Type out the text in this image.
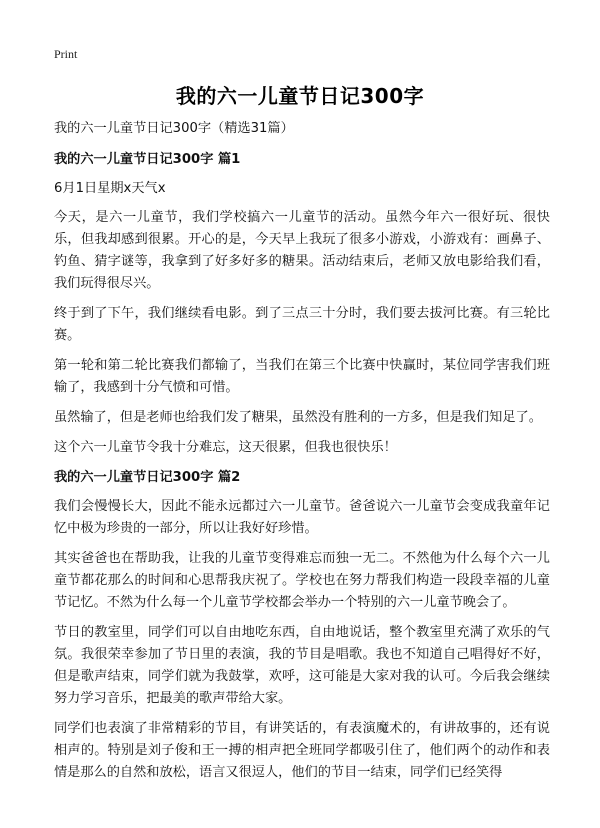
Print
我的六一儿童节日记300字

我的六一儿童节日记300字（精选31篇）

我的六一儿童节日记300字 篇1

6月1日星期x天气x

今天，是六一儿童节，我们学校搞六一儿童节的活动。虽然今年六一很好玩、很快乐，但我却感到很累。开心的是，今天早上我玩了很多小游戏，小游戏有：画鼻子、钓鱼、猜字谜等，我拿到了好多好多的糖果。活动结束后，老师又放电影给我们看，我们玩得很尽兴。

终于到了下午，我们继续看电影。到了三点三十分时，我们要去拔河比赛。有三轮比赛。

第一轮和第二轮比赛我们都输了，当我们在第三个比赛中快赢时，某位同学害我们班输了，我感到十分气愤和可惜。

虽然输了，但是老师也给我们发了糖果，虽然没有胜利的一方多，但是我们知足了。

这个六一儿童节令我十分难忘，这天很累，但我也很快乐！

我的六一儿童节日记300字 篇2

我们会慢慢长大，因此不能永远都过六一儿童节。爸爸说六一儿童节会变成我童年记忆中极为珍贵的一部分，所以让我好好珍惜。

其实爸爸也在帮助我，让我的儿童节变得难忘而独一无二。不然他为什么每个六一儿童节都花那么的时间和心思帮我庆祝了。学校也在努力帮我们构造一段段幸福的儿童节记忆。不然为什么每一个儿童节学校都会举办一个特别的六一儿童节晚会了。

节日的教室里，同学们可以自由地吃东西，自由地说话，整个教室里充满了欢乐的气氛。我很荣幸参加了节日里的表演，我的节目是唱歌。我也不知道自己唱得好不好，但是歌声结束，同学们就为我鼓掌，欢呼，这可能是大家对我的认可。今后我会继续努力学习音乐，把最美的歌声带给大家。

同学们也表演了非常精彩的节目，有讲笑话的，有表演魔术的，有讲故事的，还有说相声的。特别是刘子俊和王一搏的相声把全班同学都吸引住了，他们两个的动作和表情是那么的自然和放松，语言又很逗人，他们的节目一结束，同学们已经笑得
